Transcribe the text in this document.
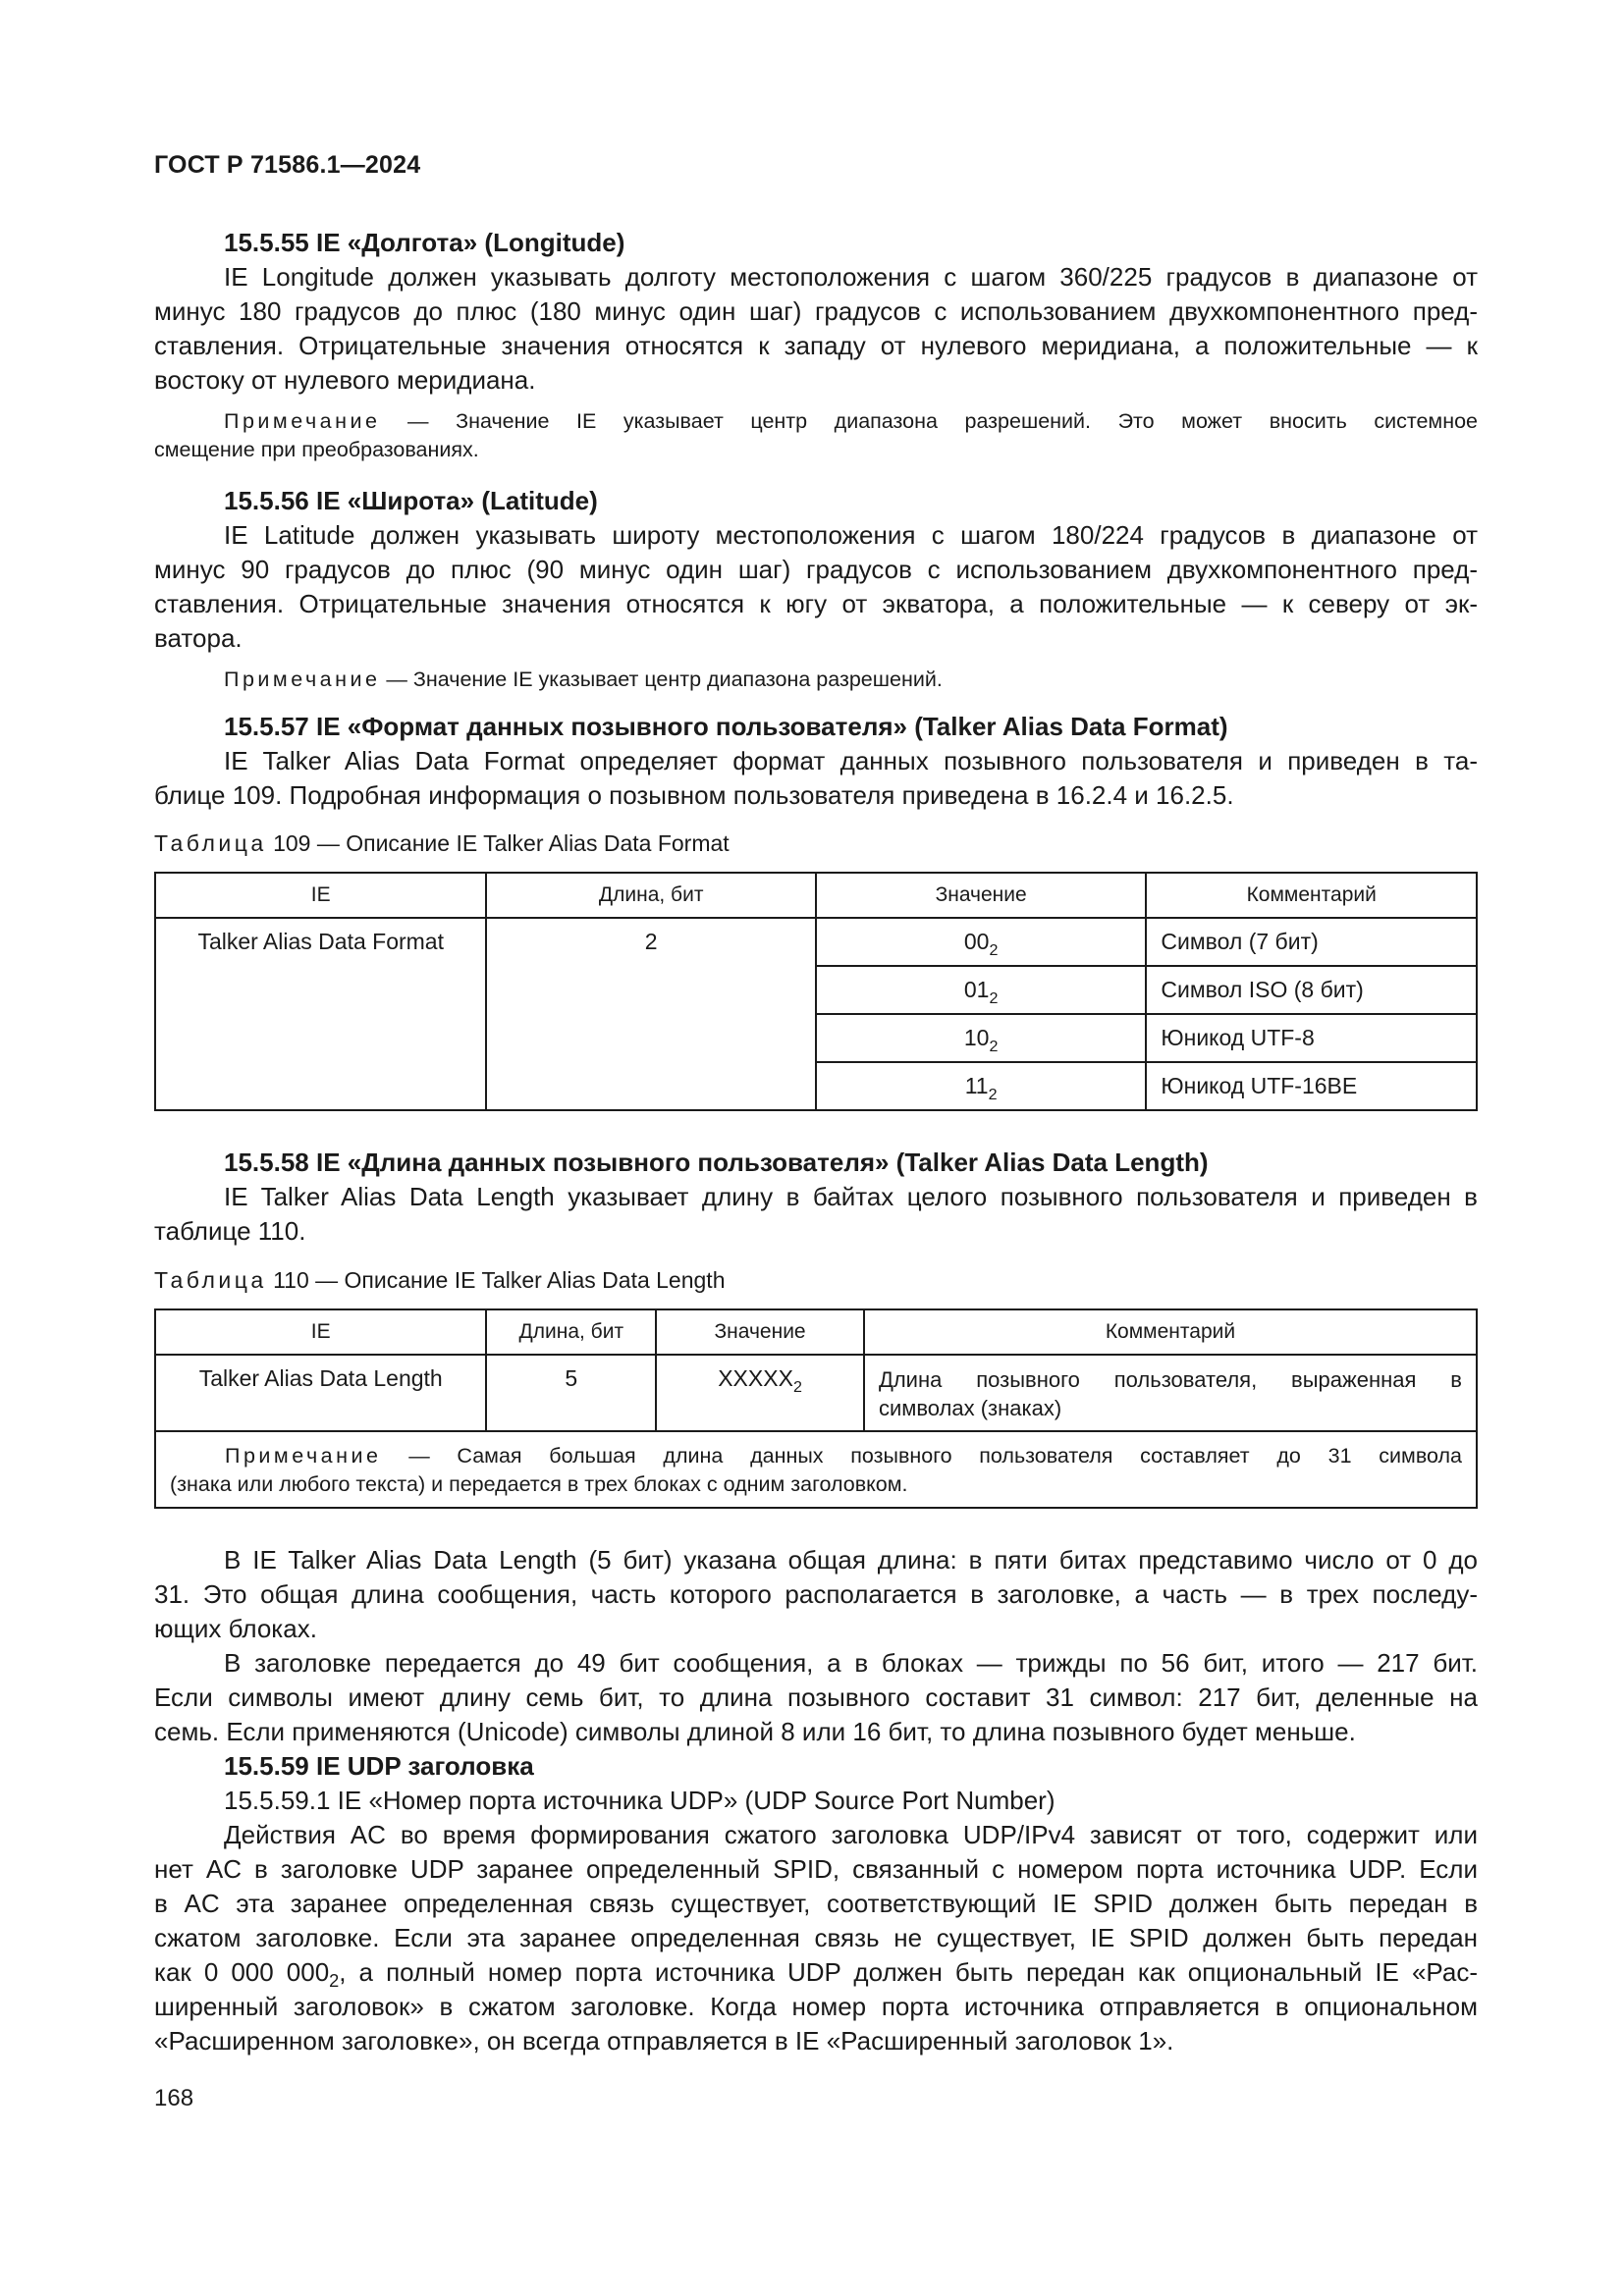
ГОСТ Р 71586.1—2024
15.5.55 IE «Долгота» (Longitude)
IE Longitude должен указывать долготу местоположения с шагом 360/225 градусов в диапазоне от
минус 180 градусов до плюс (180 минус один шаг) градусов с использованием двухкомпонентного пред-
ставления. Отрицательные значения относятся к западу от нулевого меридиана, а положительные — к
востоку от нулевого меридиана.
Примечание — Значение IE указывает центр диапазона разрешений. Это может вносить системное
смещение при преобразованиях.
15.5.56 IE «Широта» (Latitude)
IE Latitude должен указывать широту местоположения с шагом 180/224 градусов в диапазоне от
минус 90 градусов до плюс (90 минус один шаг) градусов с использованием двухкомпонентного пред-
ставления. Отрицательные значения относятся к югу от экватора, а положительные — к северу от эк-
ватора.
Примечание — Значение IE указывает центр диапазона разрешений.
15.5.57 IE «Формат данных позывного пользователя» (Talker Alias Data Format)
IE Talker Alias Data Format определяет формат данных позывного пользователя и приведен в та-
блице 109. Подробная информация о позывном пользователя приведена в 16.2.4 и 16.2.5.
Таблица 109 — Описание IE Talker Alias Data Format
IE	Длина, бит	Значение	Комментарий
Talker Alias Data Format	2	$00_2$	Символ (7 бит)
		$01_2$	Символ ISO (8 бит)
		$10_2$	Юникод UTF-8
		$11_2$	Юникод UTF-16BE
15.5.58 IE «Длина данных позывного пользователя» (Talker Alias Data Length)
IE Talker Alias Data Length указывает длину в байтах целого позывного пользователя и приведен в
таблице 110.
Таблица 110 — Описание IE Talker Alias Data Length
IE	Длина, бит	Значение	Комментарий
Talker Alias Data Length	5	$XXXXX_2$	Длина позывного пользователя, выраженная в
символах (знаках)

Примечание — Самая большая длина данных позывного пользователя составляет до 31 символа
(знака или любого текста) и передается в трех блоках с одним заголовком.			
В IE Talker Alias Data Length (5 бит) указана общая длина: в пяти битах представимо число от 0 до
31. Это общая длина сообщения, часть которого располагается в заголовке, а часть — в трех последу-
ющих блоках.
В заголовке передается до 49 бит сообщения, а в блоках — трижды по 56 бит, итого — 217 бит.
Если символы имеют длину семь бит, то длина позывного составит 31 символ: 217 бит, деленные на
семь. Если применяются (Unicode) символы длиной 8 или 16 бит, то длина позывного будет меньше.
15.5.59 IE UDP заголовка
15.5.59.1 IE «Номер порта источника UDP» (UDP Source Port Number)
Действия AC во время формирования сжатого заголовка UDP/IPv4 зависят от того, содержит или
нет AC в заголовке UDP заранее определенный SPID, связанный с номером порта источника UDP. Если
в AC эта заранее определенная связь существует, соответствующий IE SPID должен быть передан в
сжатом заголовке. Если эта заранее определенная связь не существует, IE SPID должен быть передан
как 0 000 $000_2$, а полный номер порта источника UDP должен быть передан как опциональный IE «Рас-
ширенный заголовок» в сжатом заголовке. Когда номер порта источника отправляется в опциональном
«Расширенном заголовке», он всегда отправляется в IE «Расширенный заголовок 1».
168
